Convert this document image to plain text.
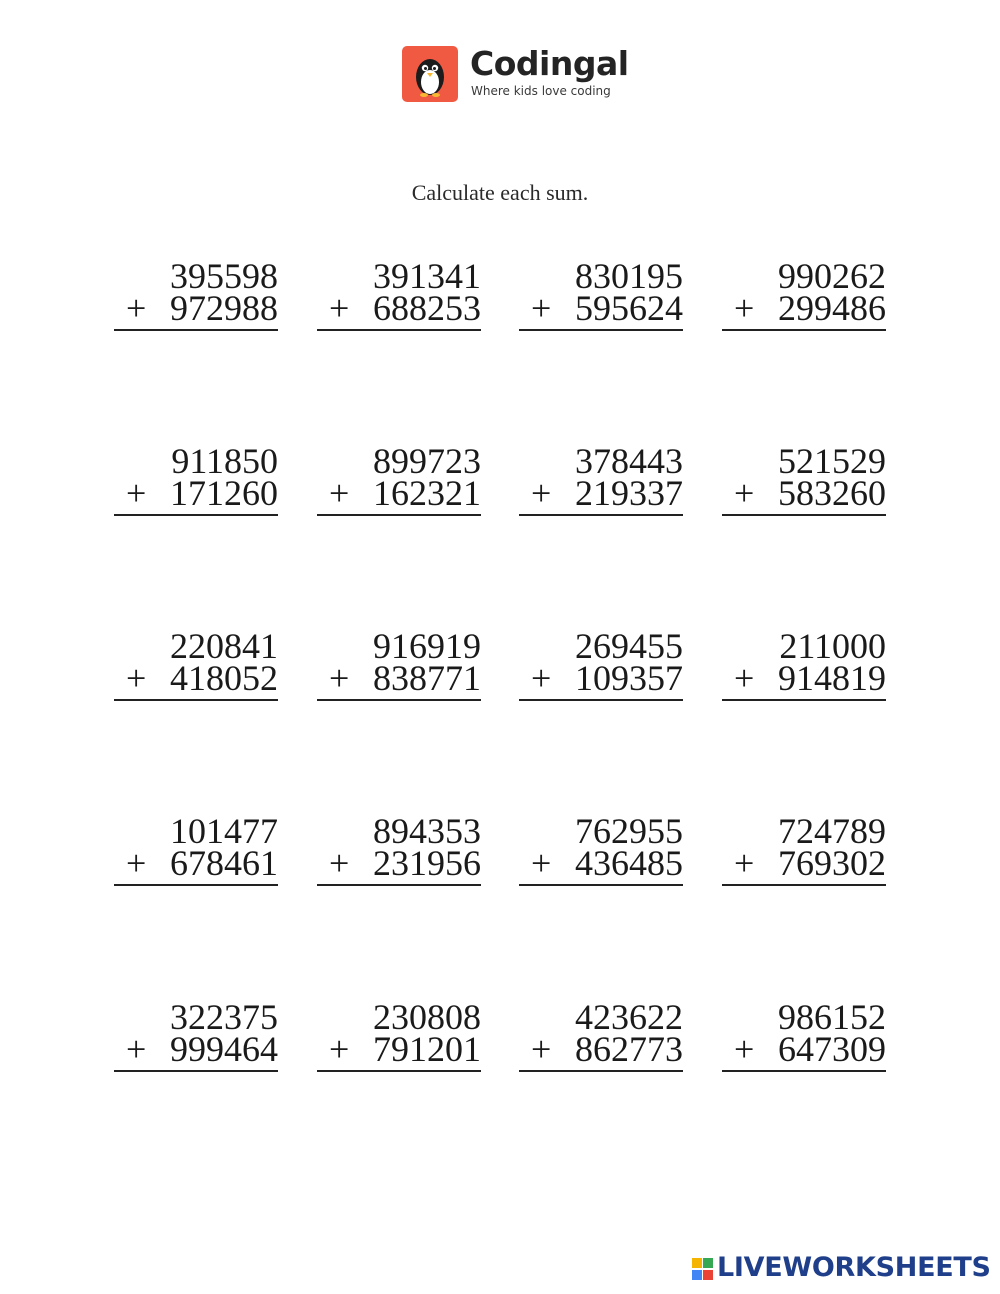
Codingal
Where kids love coding
Calculate each sum.
395598
+ 972988
391341
+ 688253
830195
+ 595624
990262
+ 299486
911850
+ 171260
899723
+ 162321
378443
+ 219337
521529
+ 583260
220841
+ 418052
916919
+ 838771
269455
+ 109357
211000
+ 914819
101477
+ 678461
894353
+ 231956
762955
+ 436485
724789
+ 769302
322375
+ 999464
230808
+ 791201
423622
+ 862773
986152
+ 647309
LIVEWORKSHEETS
